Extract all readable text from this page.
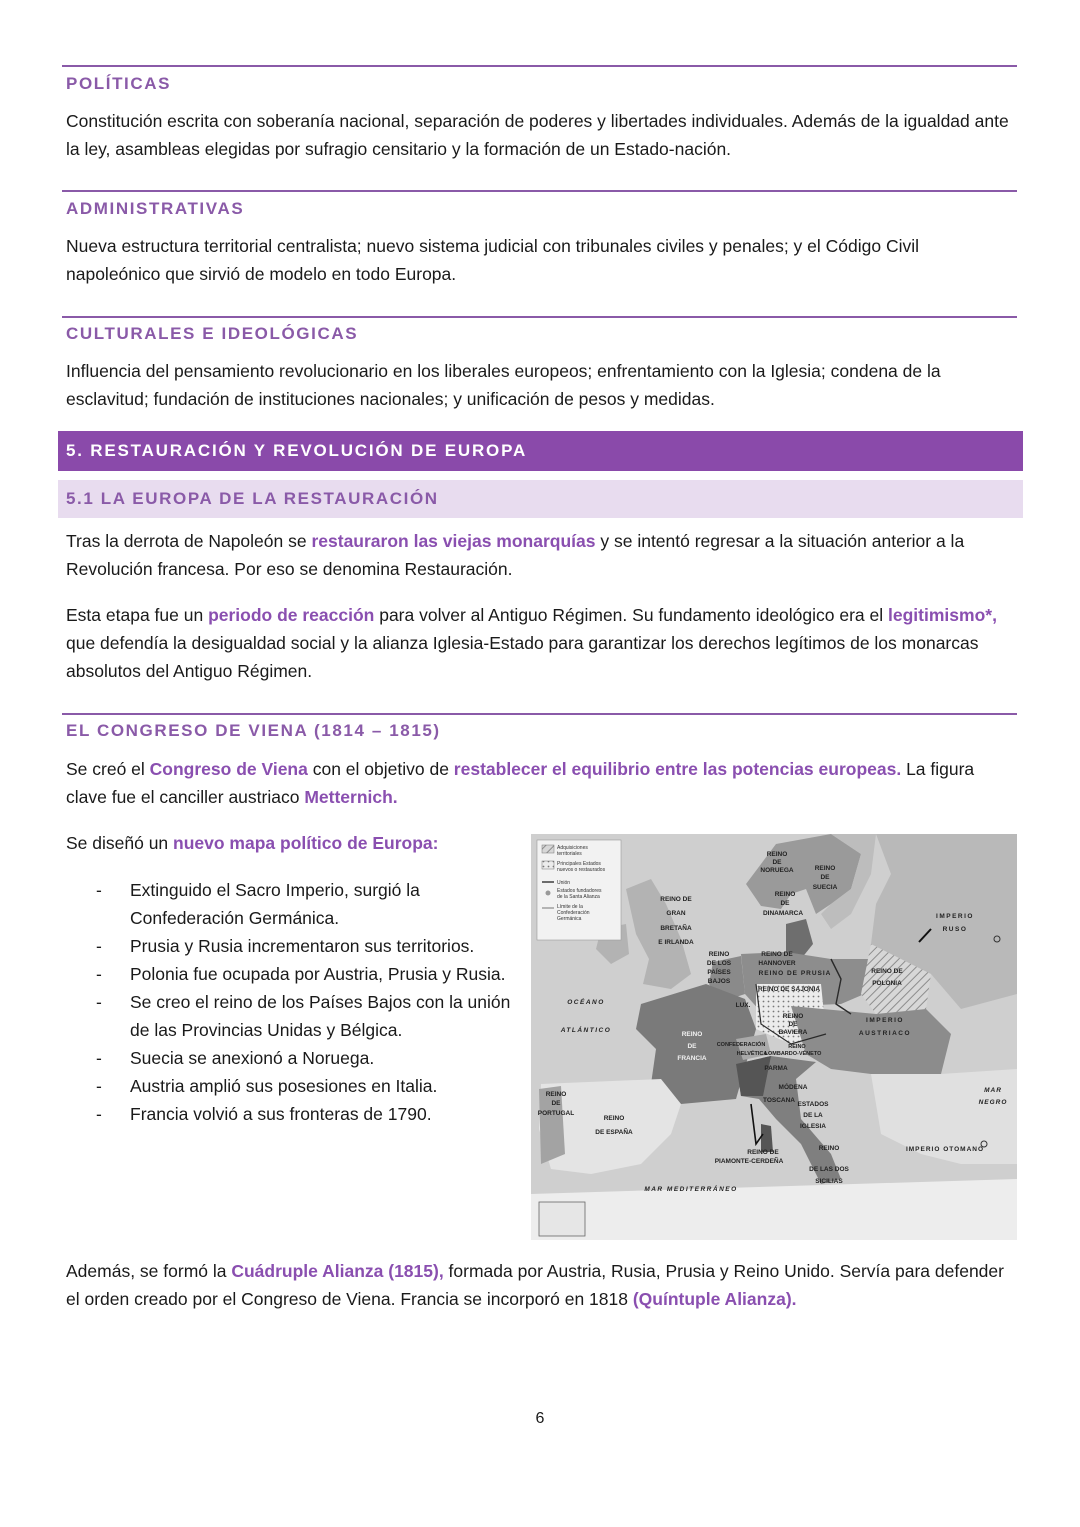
POLÍTICAS
Constitución escrita con soberanía nacional, separación de poderes y libertades individuales. Además de la igualdad ante la ley, asambleas elegidas por sufragio censitario y la formación de un Estado-nación.
ADMINISTRATIVAS
Nueva estructura territorial centralista; nuevo sistema judicial con tribunales civiles y penales; y el Código Civil napoleónico que sirvió de modelo en todo Europa.
CULTURALES E IDEOLÓGICAS
Influencia del pensamiento revolucionario en los liberales europeos; enfrentamiento con la Iglesia; condena de la esclavitud; fundación de instituciones nacionales; y unificación de pesos y medidas.
5. RESTAURACIÓN Y REVOLUCIÓN DE EUROPA
5.1 LA EUROPA DE LA RESTAURACIÓN
Tras la derrota de Napoleón se restauraron las viejas monarquías y se intentó regresar a la situación anterior a la Revolución francesa. Por eso se denomina Restauración.
Esta etapa fue un periodo de reacción para volver al Antiguo Régimen. Su fundamento ideológico era el legitimismo*, que defendía la desigualdad social y la alianza Iglesia-Estado para garantizar los derechos legítimos de los monarcas absolutos del Antiguo Régimen.
EL CONGRESO DE VIENA (1814 – 1815)
Se creó el Congreso de Viena con el objetivo de restablecer el equilibrio entre las potencias europeas. La figura clave fue el canciller austriaco Metternich.
Se diseñó un nuevo mapa político de Europa:
- Extinguido el Sacro Imperio, surgió la Confederación Germánica.
- Prusia y Rusia incrementaron sus territorios.
- Polonia fue ocupada por Austria, Prusia y Rusia.
- Se creo el reino de los Países Bajos con la unión de las Provincias Unidas y Bélgica.
- Suecia se anexionó a Noruega.
- Austria amplió sus posesiones en Italia.
- Francia volvió a sus fronteras de 1790.
Adquisiciones
territoriales
Principales Estados
nuevos o restaurados
Unión
Estados fundadores
de la Santa Alianza
Límite de la
Confederación
Germánica
REINO
DE
NORUEGA	REINO
DE
SUECIA
IMPERIO
RUSO
REINO DE
GRAN
BRETAÑA
E IRLANDA
REINO
DE
DINAMARCA
REINO DE
HANNOVER
REINO DE PRUSIA	REINO DE
POLONIA
REINO
DE LOS
PAÍSES
BAJOS
REINO DE SAJONIA
OCÉANO
ATLÁNTICO
LUX.
REINO
DE
BAVIERA
IMPERIO
AUSTRIACO
REINO
DE
FRANCIA
CONFEDERACIÓN
HELVÉTICA
REINO
LOMBARDO-VÉNETO
PARMA
MÓDENA
TOSCANA
ESTADOS
DE LA
IGLESIA
REINO
DE
PORTUGAL
REINO
DE ESPAÑA
MAR
NEGRO
REINO DE
PIAMONTE-CERDEÑA
IMPERIO OTOMANO
REINO
DE LAS DOS
SICILIAS
MAR MEDITERRÁNEO
Además, se formó la Cuádruple Alianza (1815), formada por Austria, Rusia, Prusia y Reino Unido. Servía para defender el orden creado por el Congreso de Viena. Francia se incorporó en 1818 (Quíntuple Alianza).
6
